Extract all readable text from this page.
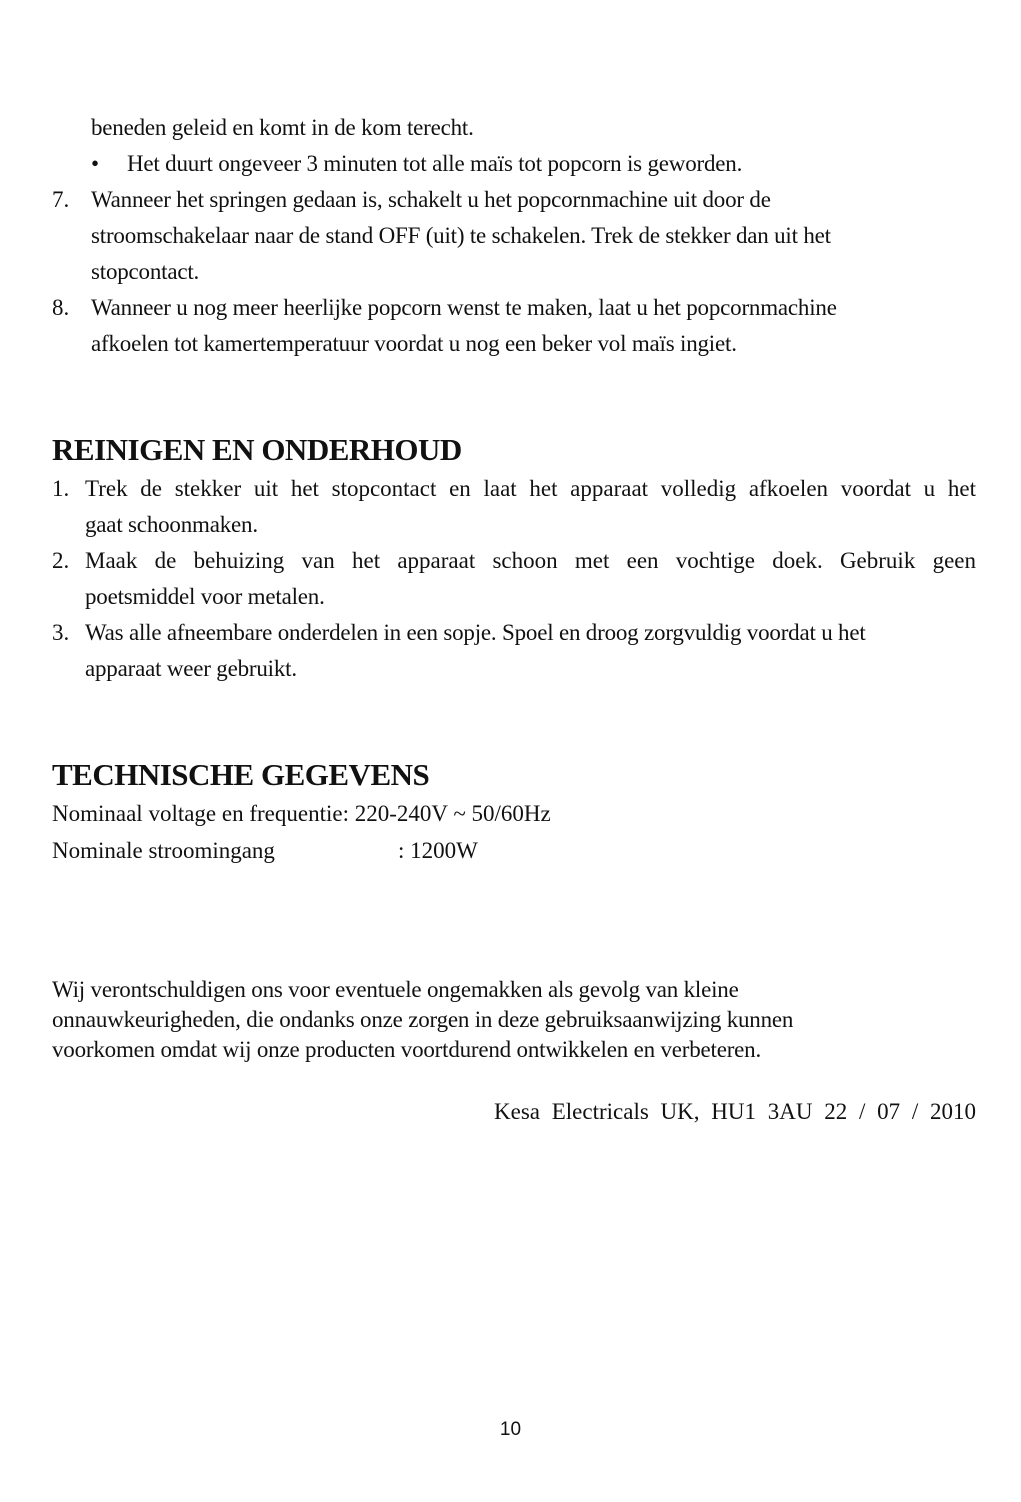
beneden geleid en komt in de kom terecht.
• Het duurt ongeveer 3 minuten tot alle maïs tot popcorn is geworden.
7. Wanneer het springen gedaan is, schakelt u het popcornmachine uit door de
stroomschakelaar naar de stand OFF (uit) te schakelen. Trek de stekker dan uit het
stopcontact.
8. Wanneer u nog meer heerlijke popcorn wenst te maken, laat u het popcornmachine
afkoelen tot kamertemperatuur voordat u nog een beker vol maïs ingiet.
REINIGEN EN ONDERHOUD
1. Trek de stekker uit het stopcontact en laat het apparaat volledig afkoelen voordat u het
gaat schoonmaken.
2. Maak de behuizing van het apparaat schoon met een vochtige doek. Gebruik geen
poetsmiddel voor metalen.
3. Was alle afneembare onderdelen in een sopje. Spoel en droog zorgvuldig voordat u het
apparaat weer gebruikt.
TECHNISCHE GEGEVENS
Nominaal voltage en frequentie: 220-240V ~ 50/60Hz
Nominale stroomingang	: 1200W
Wij verontschuldigen ons voor eventuele ongemakken als gevolg van kleine
onnauwkeurigheden, die ondanks onze zorgen in deze gebruiksaanwijzing kunnen
voorkomen omdat wij onze producten voortdurend ontwikkelen en verbeteren.
Kesa Electricals UK, HU1 3AU 22 / 07 / 2010
10
